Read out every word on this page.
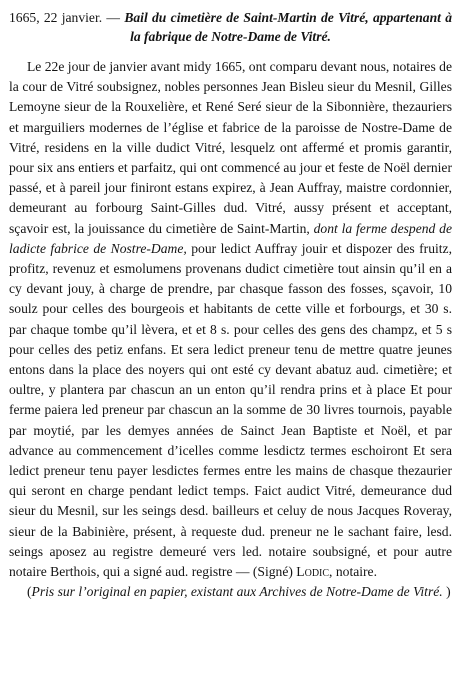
1665, 22 janvier. — Bail du cimetière de Saint-Martin de Vitré, appartenant à la fabrique de Notre-Dame de Vitré.

Le 22e jour de janvier avant midy 1665, ont comparu devant nous, notaires de la cour de Vitré soubsignez, nobles personnes Jean Bisleu sieur du Mesnil, Gilles Lemoyne sieur de la Rouxelière, et René Seré sieur de la Sibonnière, thezauriers et marguiliers modernes de l’église et fabrice de la paroisse de Nostre-Dame de Vitré, residens en la ville dudict Vitré, lesquelz ont affermé et promis garantir, pour six ans entiers et parfaitz, qui ont commencé au jour et feste de Noël dernier passé, et à pareil jour finiront estans expirez, à Jean Auffray, maistre cordonnier, demeurant au forbourg Saint-Gilles dud. Vitré, aussy présent et acceptant, sçavoir est, la jouissance du cimetière de Saint-Martin, dont la ferme despend de ladicte fabrice de Nostre-Dame, pour ledict Auffray jouir et dispozer des fruitz, profitz, revenuz et esmolumens provenans dudict cimetière tout ainsin qu’il en a cy devant jouy, à charge de prendre, par chasque fasson des fosses, sçavoir, 10 soulz pour celles des bourgeois et habitants de cette ville et forbourgs, et 30 s. par chaque tombe qu’il lèvera, et et 8 s. pour celles des gens des champz, et 5 s pour celles des petiz enfans. Et sera ledict preneur tenu de mettre quatre jeunes entons dans la place des noyers qui ont esté cy devant abatuz aud. cimetière; et oultre, y plantera par chascun an un enton qu’il rendra prins et à place Et pour ferme paiera led preneur par chascun an la somme de 30 livres tournois, payable par moytié, par les demyes années de Sainct Jean Baptiste et Noël, et par advance au commencement d’icelles comme lesdictz termes eschoiront Et sera ledict preneur tenu payer lesdictes fermes entre les mains de chasque thezaurier qui seront en charge pendant ledict temps. Faict audict Vitré, demeurance dud sieur du Mesnil, sur les seings desd. bailleurs et celuy de nous Jacques Roveray, sieur de la Babinière, présent, à requeste dud. preneur ne le sachant faire, lesd. seings aposez au registre demeuré vers led. notaire soubsigné, et pour autre notaire Berthois, qui a signé aud. registre — (Signé) Lodic, notaire.

(Pris sur l’original en papier, existant aux Archives de Notre-Dame de Vitré. )
